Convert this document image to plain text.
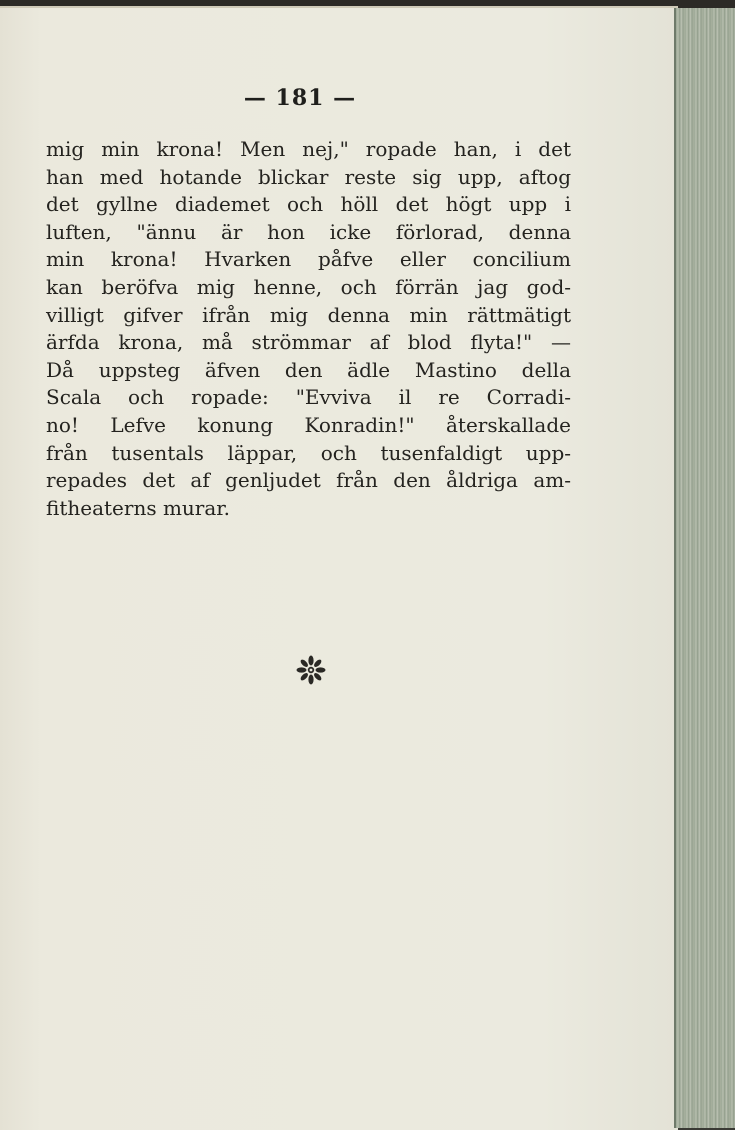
— 181 —
mig min krona! Men nej," ropade han, i det
han med hotande blickar reste sig upp, aftog
det gyllne diademet och höll det högt upp i
luften, "ännu är hon icke förlorad, denna
min krona! Hvarken påfve eller concilium
kan beröfva mig henne, och förrän jag god-
villigt gifver ifrån mig denna min rättmätigt
ärfda krona, må strömmar af blod flyta!" —
Då uppsteg äfven den ädle Mastino della
Scala och ropade: "Evviva il re Corradi-
no! Lefve konung Konradin!" återskallade
från tusentals läppar, och tusenfaldigt upp-
repades det af genljudet från den åldriga am-
fitheaterns murar.
